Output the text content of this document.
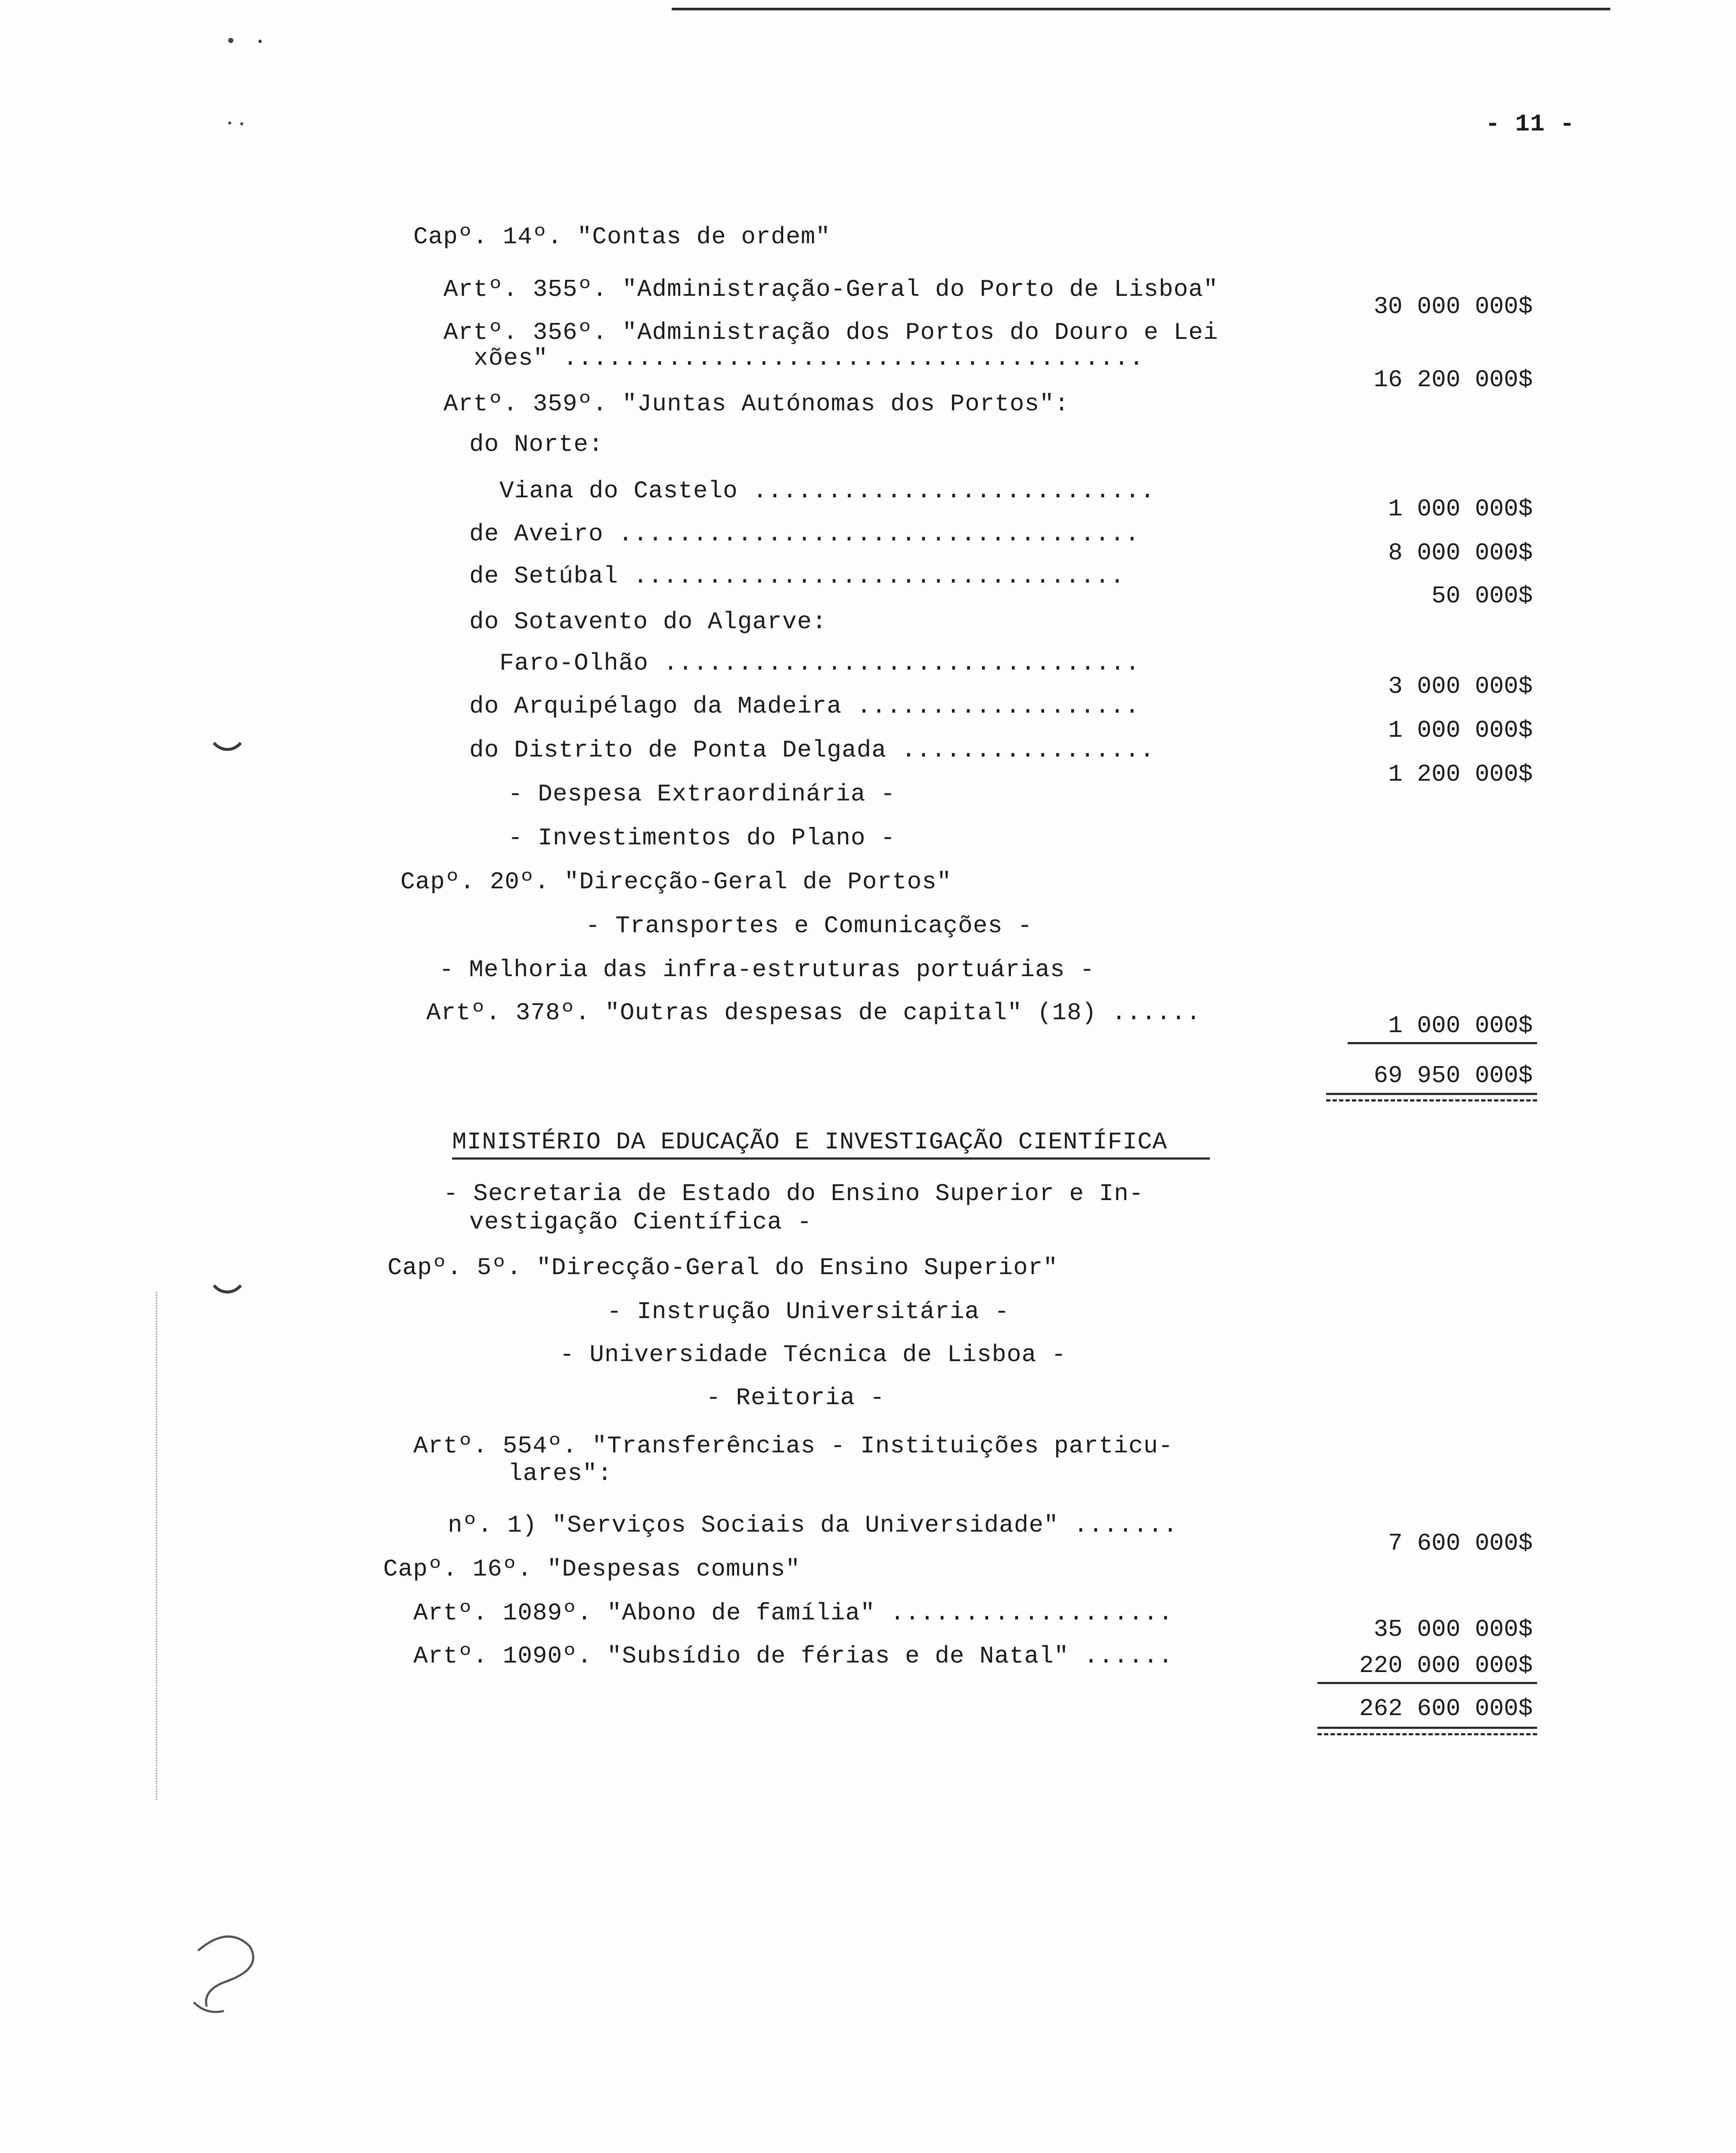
- 11 -
Capº. 14º. "Contas de ordem"
Artº. 355º. "Administração-Geral do Porto de Lisboa"
30 000 000$
Artº. 356º. "Administração dos Portos do Douro e Lei
xões" .......................................
16 200 000$
Artº. 359º. "Juntas Autónomas dos Portos":
do Norte:
Viana do Castelo ...........................
1 000 000$
de Aveiro ...................................
8 000 000$
de Setúbal .................................
50 000$
do Sotavento do Algarve:
Faro-Olhão ................................
3 000 000$
do Arquipélago da Madeira ...................
1 000 000$
do Distrito de Ponta Delgada .................
1 200 000$
- Despesa Extraordinária -
- Investimentos do Plano -
Capº. 20º. "Direcção-Geral de Portos"
- Transportes e Comunicações -
- Melhoria das infra-estruturas portuárias -
Artº. 378º. "Outras despesas de capital" (18) ......	1 000 000$
69 950 000$
MINISTÉRIO DA EDUCAÇÃO E INVESTIGAÇÃO CIENTÍFICA
- Secretaria de Estado do Ensino Superior e In-
vestigação Científica -
Capº. 5º. "Direcção-Geral do Ensino Superior"
- Instrução Universitária -
- Universidade Técnica de Lisboa -
- Reitoria -
Artº. 554º. "Transferências - Instituições particu-
lares":
nº. 1) "Serviços Sociais da Universidade" .......
7 600 000$
Capº. 16º. "Despesas comuns"
Artº. 1089º. "Abono de família" ...................
35 000 000$
Artº. 1090º. "Subsídio de férias e de Natal" ......	220 000 000$
262 600 000$
